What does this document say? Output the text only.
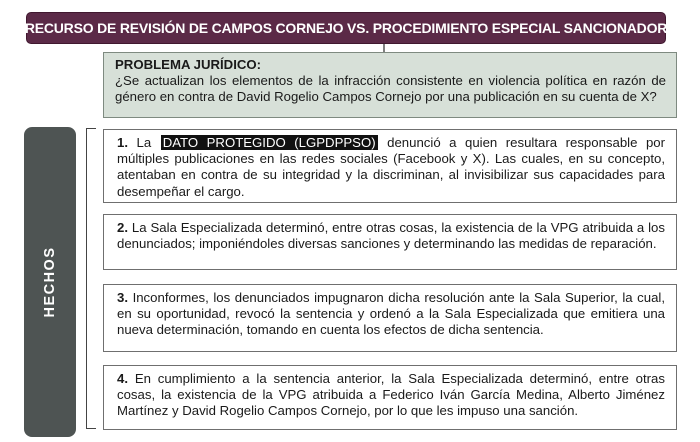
RECURSO DE REVISIÓN DE CAMPOS CORNEJO VS. PROCEDIMIENTO ESPECIAL SANCIONADOR
PROBLEMA JURÍDICO:
¿Se actualizan los elementos de la infracción consistente en violencia política en razón de género en contra de David Rogelio Campos Cornejo por una publicación en su cuenta de X?
HECHOS

1. La DATO PROTEGIDO (LGPDPPSO) denunció a quien resultara responsable por múltiples publicaciones en las redes sociales (Facebook y X). Las cuales, en su concepto, atentaban en contra de su integridad y la discriminan, al invisibilizar sus capacidades para desempeñar el cargo.

2. La Sala Especializada determinó, entre otras cosas, la existencia de la VPG atribuida a los denunciados; imponiéndoles diversas sanciones y determinando las medidas de reparación.

3. Inconformes, los denunciados impugnaron dicha resolución ante la Sala Superior, la cual, en su oportunidad, revocó la sentencia y ordenó a la Sala Especializada que emitiera una nueva determinación, tomando en cuenta los efectos de dicha sentencia.

4. En cumplimiento a la sentencia anterior, la Sala Especializada determinó, entre otras cosas, la existencia de la VPG atribuida a Federico Iván García Medina, Alberto Jiménez Martínez y David Rogelio Campos Cornejo, por lo que les impuso una sanción.
